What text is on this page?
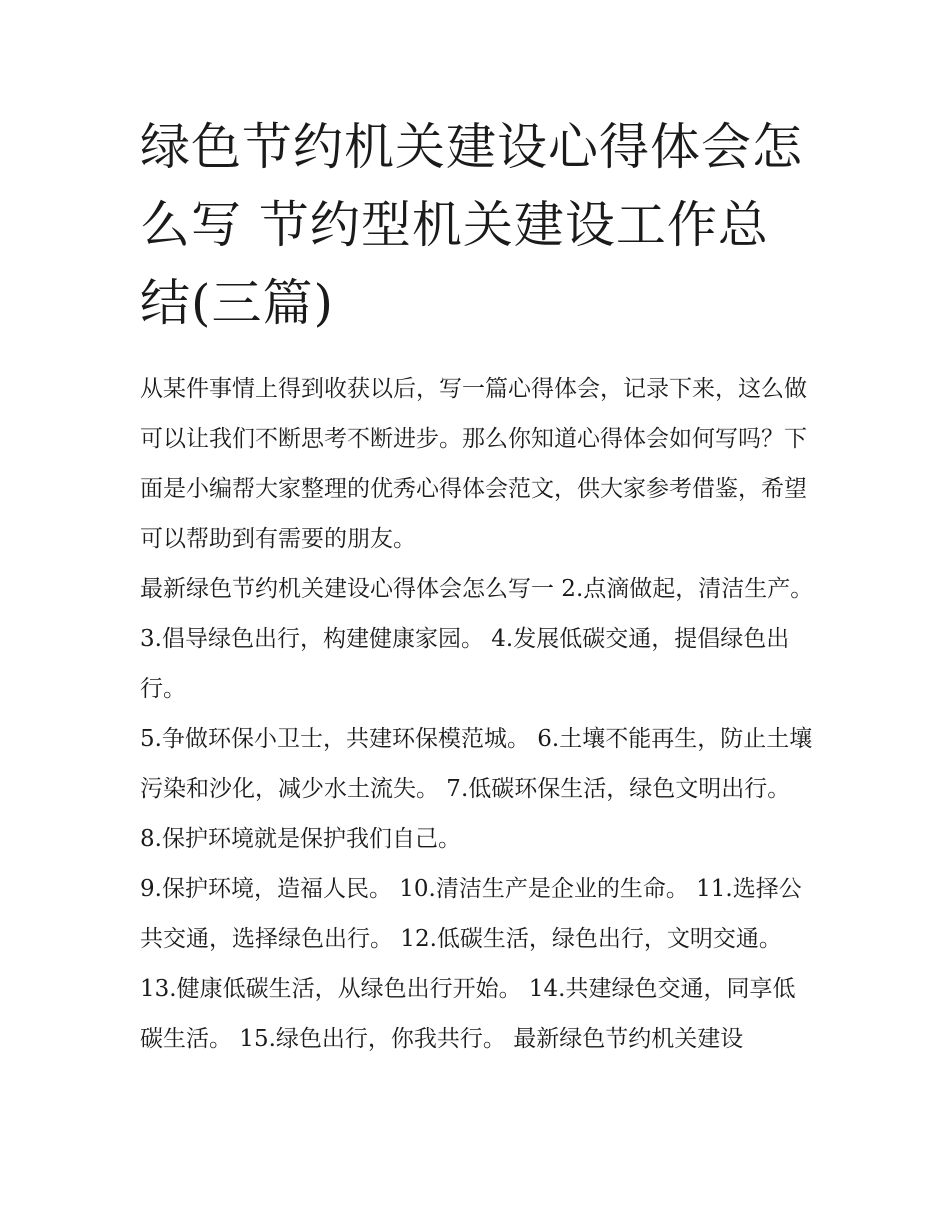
绿色节约机关建设心得体会怎么写 节约型机关建设工作总结(三篇)

从某件事情上得到收获以后，写一篇心得体会，记录下来，这么做可以让我们不断思考不断进步。那么你知道心得体会如何写吗？下面是小编帮大家整理的优秀心得体会范文，供大家参考借鉴，希望可以帮助到有需要的朋友。

最新绿色节约机关建设心得体会怎么写一 2.点滴做起，清洁生产。 3.倡导绿色出行，构建健康家园。 4.发展低碳交通，提倡绿色出行。

5.争做环保小卫士，共建环保模范城。 6.土壤不能再生，防止土壤污染和沙化，减少水土流失。 7.低碳环保生活，绿色文明出行。 8.保护环境就是保护我们自己。

9.保护环境，造福人民。 10.清洁生产是企业的生命。 11.选择公共交通，选择绿色出行。 12.低碳生活，绿色出行，文明交通。

13.健康低碳生活，从绿色出行开始。 14.共建绿色交通，同享低碳生活。 15.绿色出行，你我共行。 最新绿色节约机关建设
